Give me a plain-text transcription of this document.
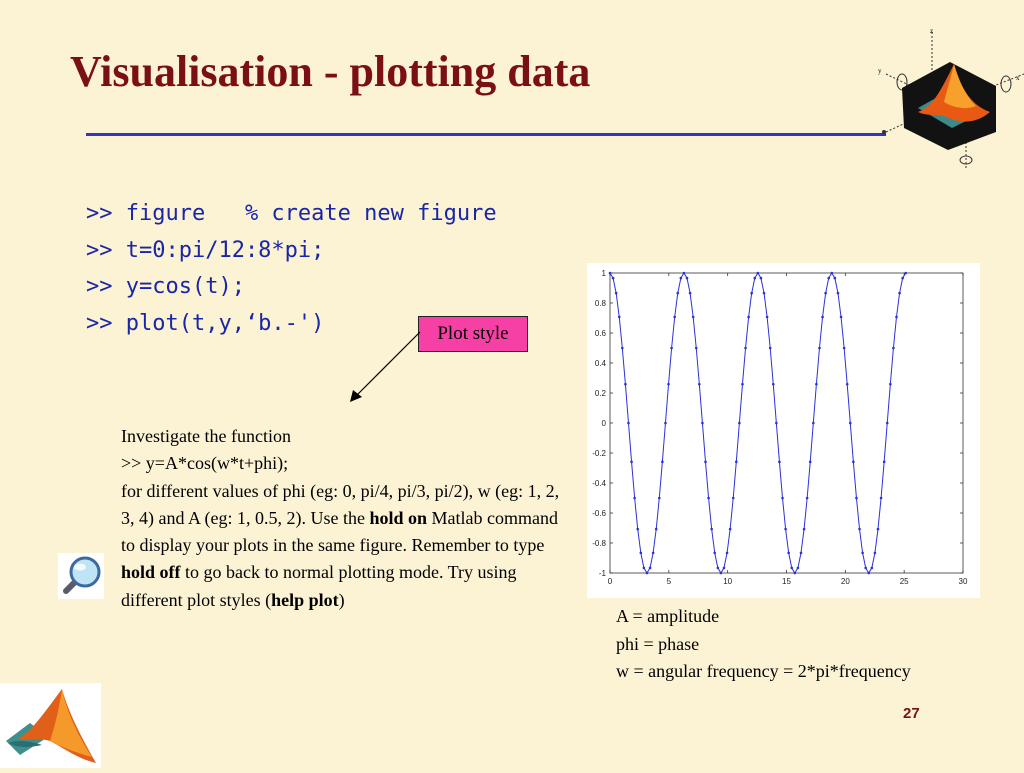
Visualisation - plotting data
z
y
x
>> figure   % create new figure
>> t=0:pi/12:8*pi;
>> y=cos(t);
>> plot(t,y,‘b.-')	Plot style
Investigate the function
>> y=A*cos(w*t+phi);
for different values of phi (eg: 0, pi/4, pi/3, pi/2), w (eg: 1, 2, 3, 4) and A (eg: 1, 0.5, 2). Use the hold on Matlab command to display your plots in the same figure. Remember to type hold off to go back to normal plotting mode. Try using different plot styles (help plot)
0	5	10	15	20	25	30
1
0.8
0.6
0.4
0.2
0
-0.2
-0.4
-0.6
-0.8
-1
A = amplitude
phi = phase
w = angular frequency = 2*pi*frequency
27
